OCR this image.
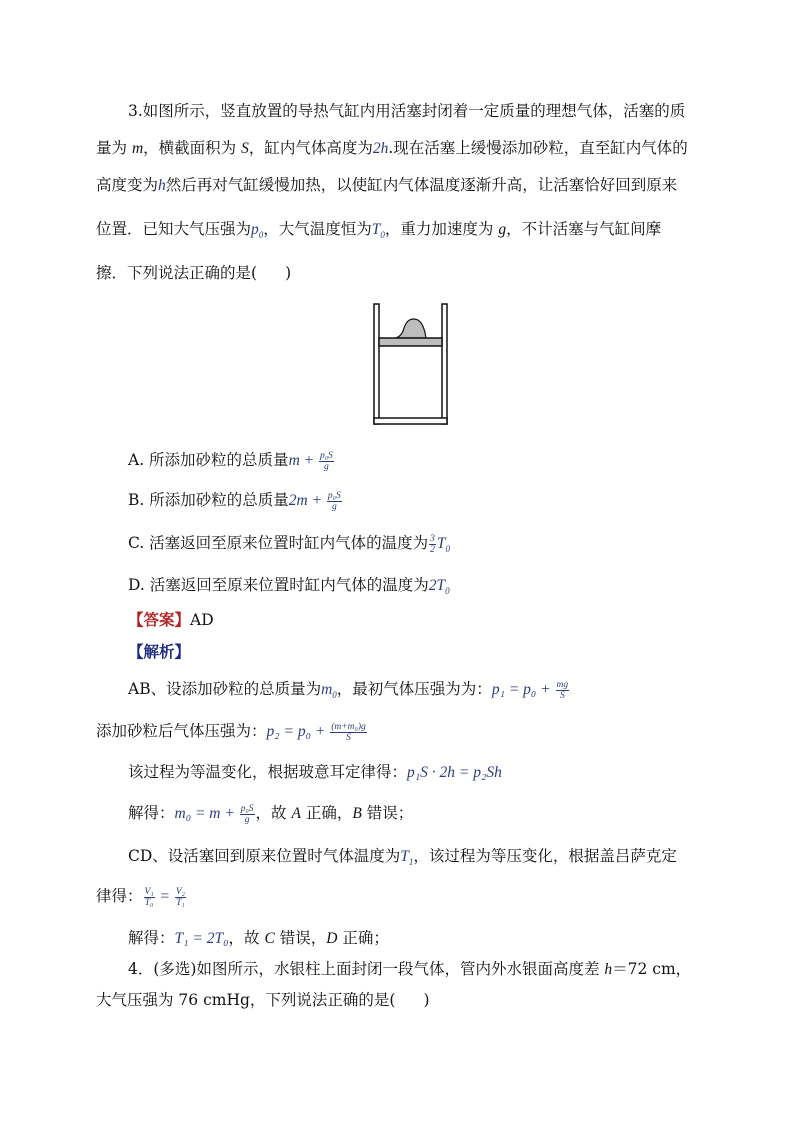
3.如图所示，竖直放置的导热气缸内用活塞封闭着一定质量的理想气体，活塞的质
量为 m，横截面积为 S，缸内气体高度为2h.现在活塞上缓慢添加砂粒，直至缸内气体的
高度变为h然后再对气缸缓慢加热，以使缸内气体温度逐渐升高，让活塞恰好回到原来
位置．已知大气压强为$p_0$，大气温度恒为$T_0$，重力加速度为 g，不计活塞与气缸间摩
擦．下列说法正确的是( )
A. 所添加砂粒的总质量$m + \frac{\text{p₀S}}{g}$
B. 所添加砂粒的总质量$2m + \frac{\text{p₀S}}{g}$
C. 活塞返回至原来位置时缸内气体的温度为 $\frac{3}{2} T_0$
D. 活塞返回至原来位置时缸内气体的温度为$2T_0$
【答案】AD
【解析】
AB、设添加砂粒的总质量为$m_0$，最初气体压强为为：$p_1 = p_0 + \frac{mg}{S}$
添加砂粒后气体压强为：$p_2 = p_0 + \frac{\text{(m+m₀)g}}{S}$
该过程为等温变化，根据玻意耳定律得：p₁S · 2h = p₂Sh
解得：$m_0 = m + \frac{\text{p₀S}}{g}$ ，故 A 正确，B 错误；
CD、设活塞回到原来位置时气体温度为$T_1$，该过程为等压变化，根据盖吕萨克定
律得： $\frac{\text{V₁}}{\text{T₀}} = \frac{\text{V₂}}{\text{T₁}}$
解得：T₁ = 2T₀，故 C 错误，D 正确；
4．(多选)如图所示，水银柱上面封闭一段气体，管内外水银面高度差 h＝72 cm，
大气压强为 76 cmHg，下列说法正确的是( )
